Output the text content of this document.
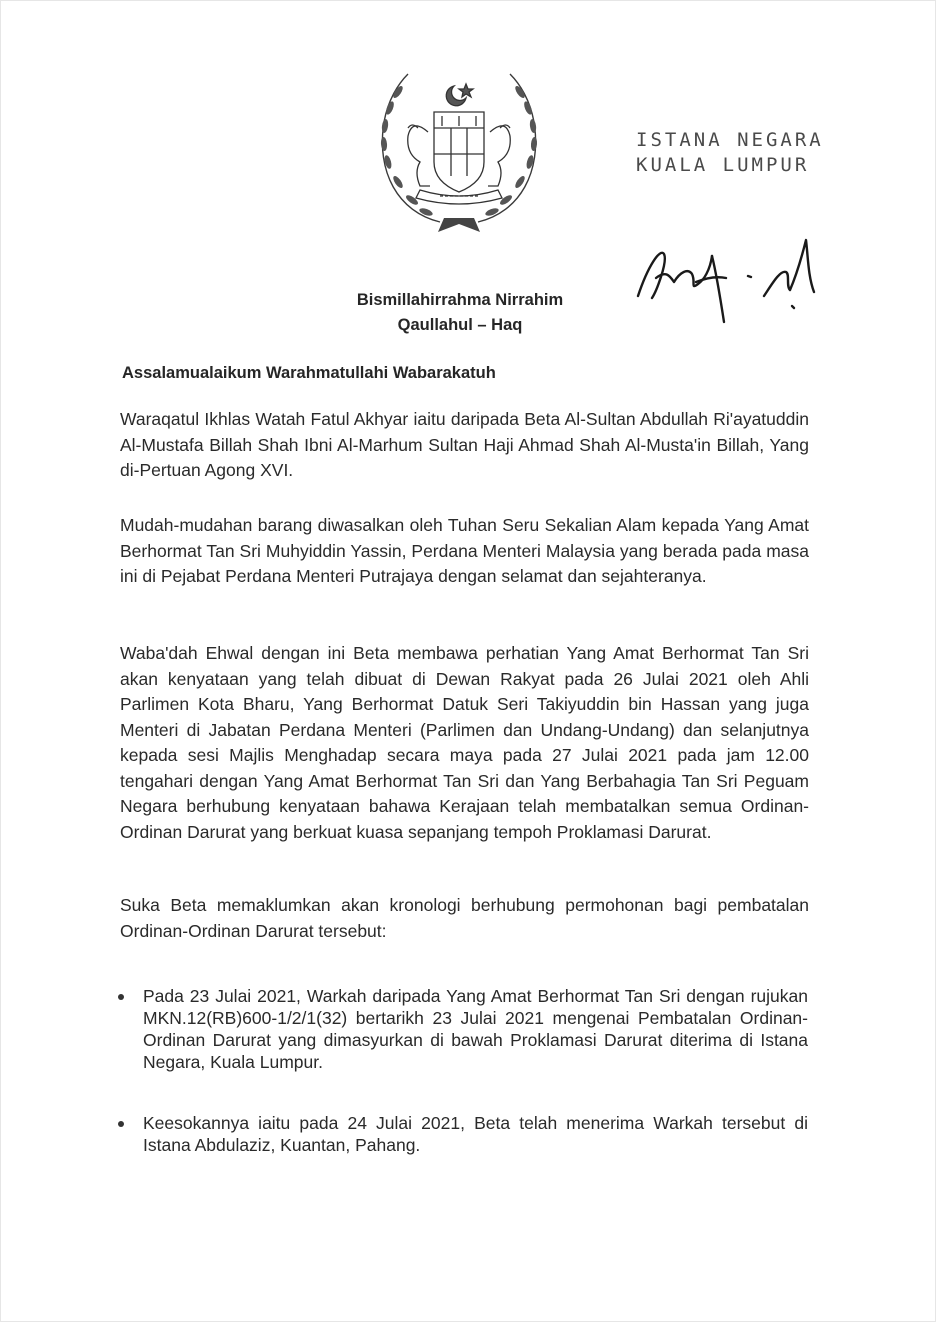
ISTANA NEGARA
KUALA LUMPUR
Bismillahirrahma Nirrahim
Qaullahul – Haq
Assalamualaikum Warahmatullahi Wabarakatuh

Waraqatul Ikhlas Watah Fatul Akhyar iaitu daripada Beta Al-Sultan Abdullah Ri'ayatuddin Al-Mustafa Billah Shah Ibni Al-Marhum Sultan Haji Ahmad Shah Al-Musta'in Billah, Yang di-Pertuan Agong XVI.

Mudah-mudahan barang diwasalkan oleh Tuhan Seru Sekalian Alam kepada Yang Amat Berhormat Tan Sri Muhyiddin Yassin, Perdana Menteri Malaysia yang berada pada masa ini di Pejabat Perdana Menteri Putrajaya dengan selamat dan sejahteranya.

Waba'dah Ehwal dengan ini Beta membawa perhatian Yang Amat Berhormat Tan Sri akan kenyataan yang telah dibuat di Dewan Rakyat pada 26 Julai 2021 oleh Ahli Parlimen Kota Bharu, Yang Berhormat Datuk Seri Takiyuddin bin Hassan yang juga Menteri di Jabatan Perdana Menteri (Parlimen dan Undang-Undang) dan selanjutnya kepada sesi Majlis Menghadap secara maya pada 27 Julai 2021 pada jam 12.00 tengahari dengan Yang Amat Berhormat Tan Sri dan Yang Berbahagia Tan Sri Peguam Negara berhubung kenyataan bahawa Kerajaan telah membatalkan semua Ordinan-Ordinan Darurat yang berkuat kuasa sepanjang tempoh Proklamasi Darurat.

Suka Beta memaklumkan akan kronologi berhubung permohonan bagi pembatalan Ordinan-Ordinan Darurat tersebut:

Pada 23 Julai 2021, Warkah daripada Yang Amat Berhormat Tan Sri dengan rujukan MKN.12(RB)600-1/2/1(32) bertarikh 23 Julai 2021 mengenai Pembatalan Ordinan-Ordinan Darurat yang dimasyurkan di bawah Proklamasi Darurat diterima di Istana Negara, Kuala Lumpur.
Keesokannya iaitu pada 24 Julai 2021, Beta telah menerima Warkah tersebut di Istana Abdulaziz, Kuantan, Pahang.
